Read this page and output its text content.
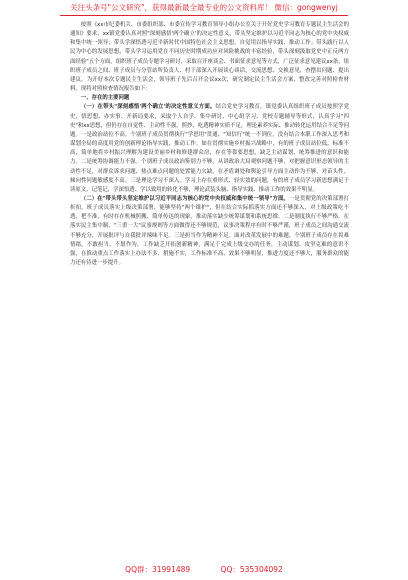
关注头条号"公文研究"，获得最新最全最专业的公文资料库！ 微信：gongwenyj

按照《xx市纪委机关、市委组织部、市委宣传学习教育领导小组办公室关于开好党史学习教育专题民主生活会的通知》要求，xx镇党委认真对照"深刻感悟'两个确立'的决定性意义，带头坚定维护以习近平同志为核心的党中央权威和集中统一领导；带头学深悟透习近平新时代中国特色社会主义思想，自觉用以指导实践、推动工作；带头践行以人民为中心的发展思想，带头学习运用党在不同历史时期成功应对风险挑战的丰富经验，带头深刻汲取党史中正反两方面经验"五个方面，组织班子成员专题学习研讨，采取召开座谈会、书面征求意见等方式，广泛征求意见建议xx条，组织班子成员之间、班子成员与分管站所负责人、村干部深入开展谈心谈话，交流思想、交换意见，查摆出问题、提出建议。为开好本次专题民主生活会，领导班子先后召开会议xx次，研究制定民主生活会方案，整改完善对照检查材料，现将对照检查情况报告如下：

一、存在的主要问题

（一）在带头"深刻感悟'两个确立'的决定性意义方面。结合党史学习教育，镇党委认真组织班子成员按照学党史、悟思想、办实事、开新局要求，采取个人自学、集中研讨、中心组学习、党校专题辅导等形式，认真学习"四史"和xx思想，但仍存在自觉性、主动性不强，照抄、吃透精神实质不足，理论素养实际、推动转化运用结合不足等问题。一是政治站位不高。个别班子成员贯彻执行"学思用"贯通、"知信行"统一不到位，没有结合本职工作深入思考和谋划全局的高度用党的创新理论指导实践，推动工作。如在贯彻实施乡村振兴战略中，有的班子成员站位低、标准不高，简单地将乡村振兴理解为建设美丽乡村和修建群众房，存在等靠要思想，缺乏主动谋划、统筹推进的意识和能力。二是统筹协调能力不强。个别班子成员政治鉴别力不够，从讲政治大局观察问题不够，对把握意识形态领导的主动性不足，对群众诉求问题、热点难点问题的处置能力欠缺，在矛盾调处和舆论引导方面主动作为不够，对苗头性、倾向性问题敏感度不高。三是理论学习不深入。学习上存在重形式、轻实效的问题，有的班子成员学习新思想满足于读原文、记笔记，学深悟透、学以致用的转化不够，理论武装头脑、指导实践、推动工作的效果不明显。

（二）在"带头带头坚定维护以习近平同志为核心的党中央权威和集中统一领导"方面。一是贯彻党的决策部署打折扣。班子成员落实上级决策部署，能够坚持"两个维护"，但在结合实际抓落实方面还不够深入，对上级政策吃不透、把不准，有时存在机械照搬、简单传达的现象，推动落实缺少统筹谋划和系统思维。二是制度执行不够严格。在落实民主集中制、"三重一大"议事规则等方面做得还不够规范，议事决策程序有时不够严谨，班子成员之间沟通交流不够充分，开展批评与自我批评辣味不足。三是担当作为精神不足。面对改革发展中的难题，个别班子成员存在畏难情绪，不敢担当、不愿作为，工作缺乏开拓创新精神，满足于完成上级交办的任务，主动谋划、攻坚克难的意识不强，在推动重点工作落实上办法不多、措施不实，工作标准不高、效果不够明显，推进力度还不够大，服务群众的能力还有待进一步提升。

QQ群：31991489	QQ：535304092
